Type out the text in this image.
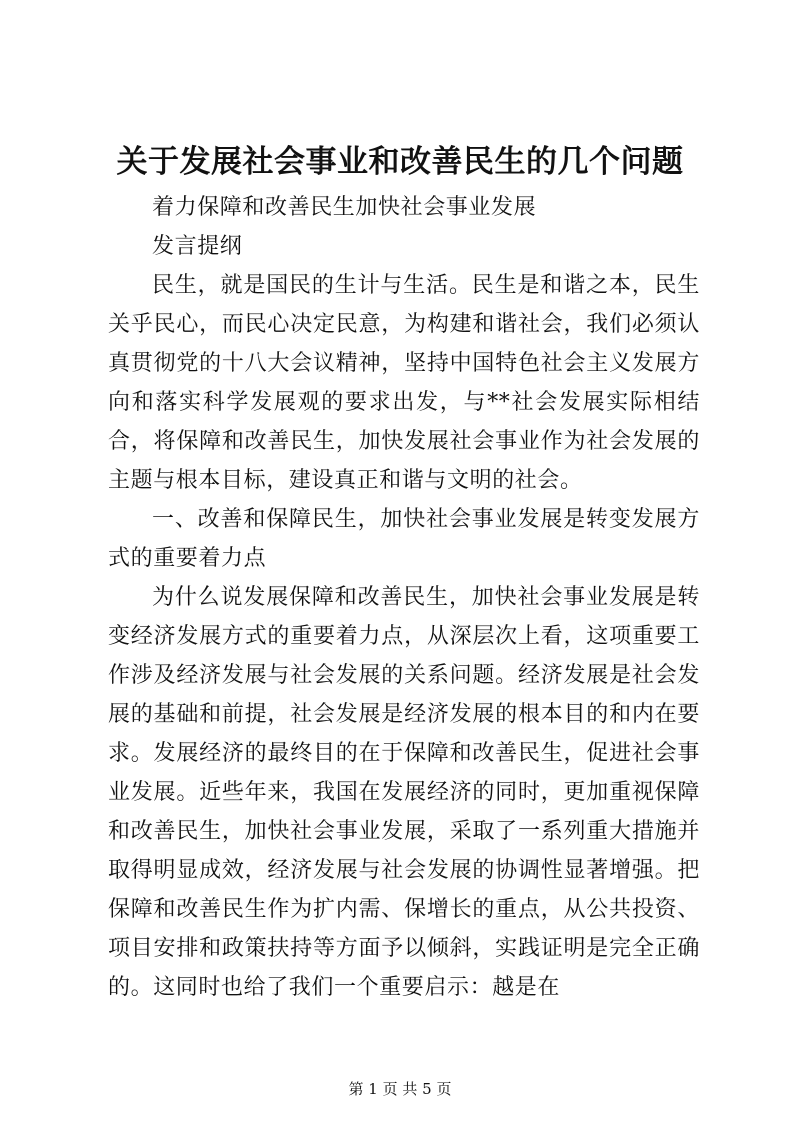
关于发展社会事业和改善民生的几个问题

着力保障和改善民生加快社会事业发展

发言提纲

民生，就是国民的生计与生活。民生是和谐之本，民生关乎民心，而民心决定民意，为构建和谐社会，我们必须认真贯彻党的十八大会议精神，坚持中国特色社会主义发展方向和落实科学发展观的要求出发，与**社会发展实际相结合，将保障和改善民生，加快发展社会事业作为社会发展的主题与根本目标，建设真正和谐与文明的社会。

一、改善和保障民生，加快社会事业发展是转变发展方式的重要着力点

为什么说发展保障和改善民生，加快社会事业发展是转变经济发展方式的重要着力点，从深层次上看，这项重要工作涉及经济发展与社会发展的关系问题。经济发展是社会发展的基础和前提，社会发展是经济发展的根本目的和内在要求。发展经济的最终目的在于保障和改善民生，促进社会事业发展。近些年来，我国在发展经济的同时，更加重视保障和改善民生，加快社会事业发展，采取了一系列重大措施并取得明显成效，经济发展与社会发展的协调性显著增强。把保障和改善民生作为扩内需、保增长的重点，从公共投资、项目安排和政策扶持等方面予以倾斜，实践证明是完全正确的。这同时也给了我们一个重要启示：越是在

第 1 页 共 5 页
